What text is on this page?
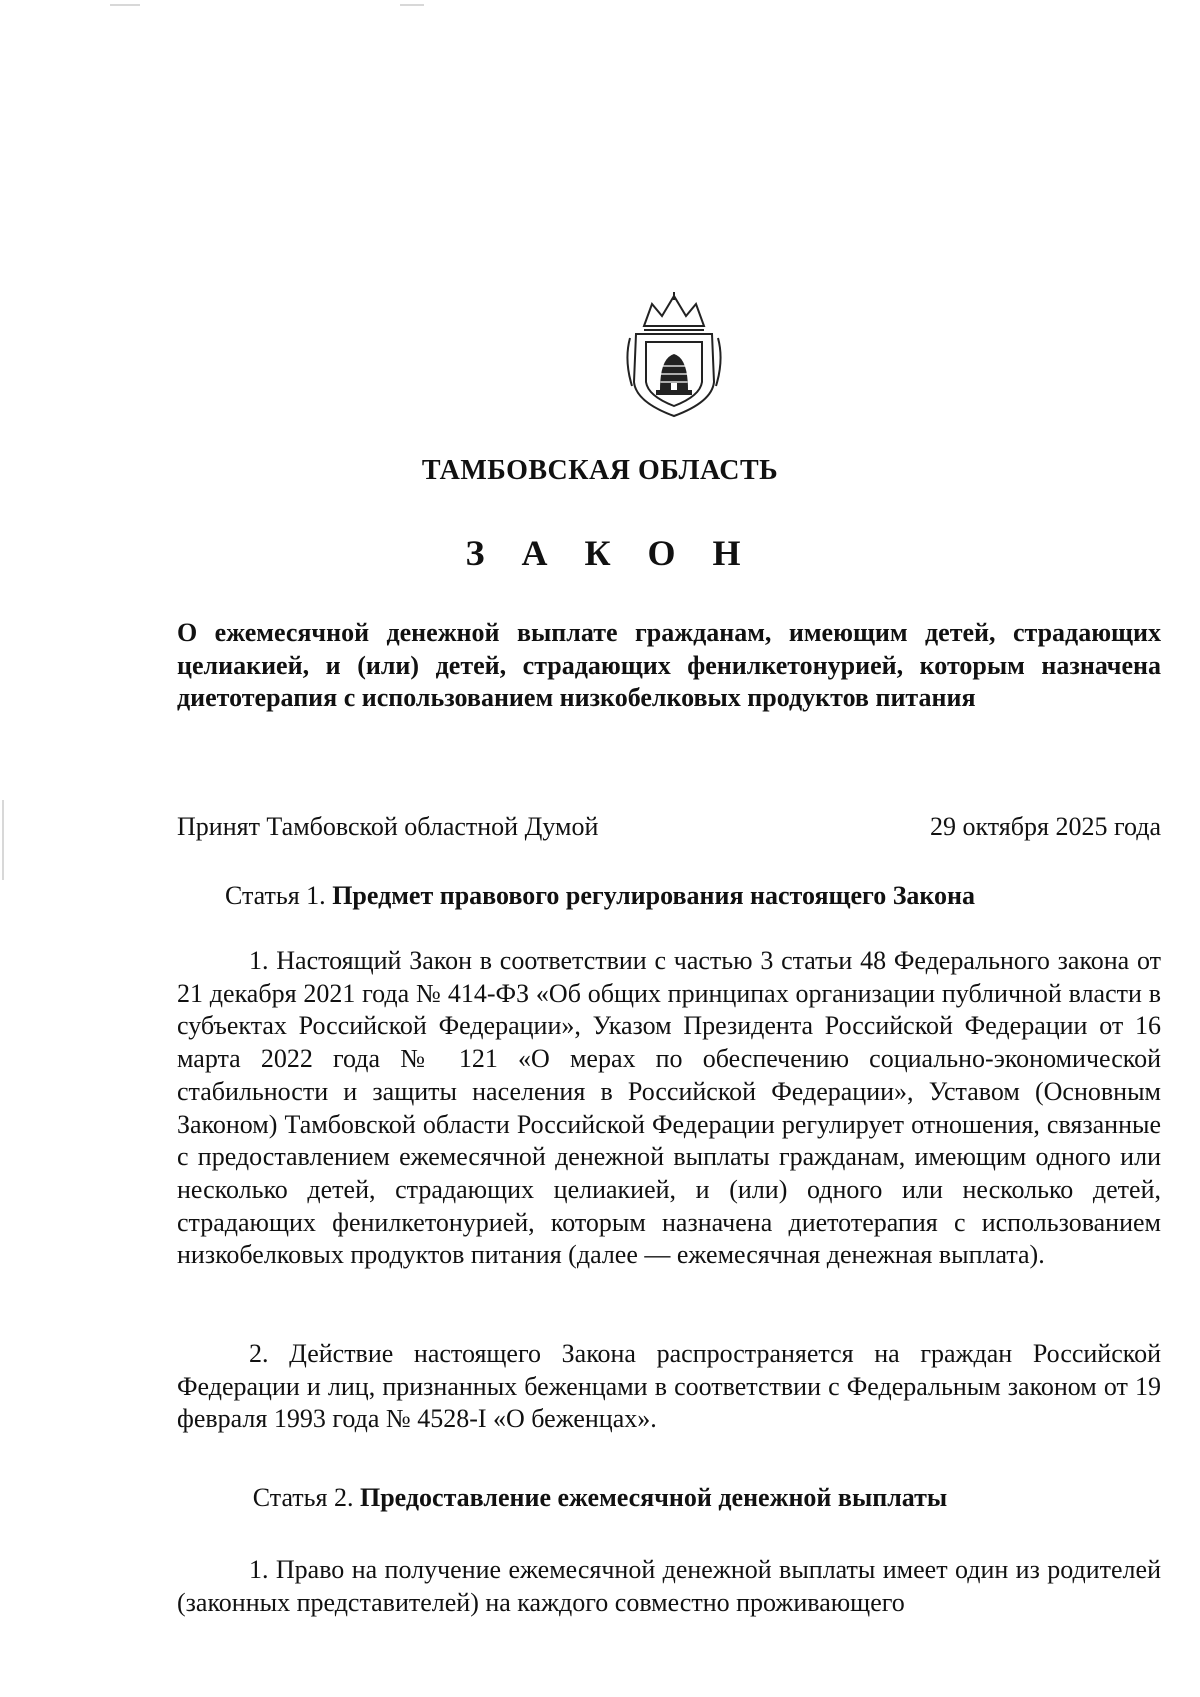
ТАМБОВСКАЯ ОБЛАСТЬ
З А К О Н
О ежемесячной денежной выплате гражданам, имеющим детей, страдающих целиакией, и (или) детей, страдающих фенилкетонурией, которым назначена диетотерапия с использованием низкобелковых продуктов питания
Принят Тамбовской областной Думой	29 октября 2025 года
Статья 1. Предмет правового регулирования настоящего Закона

1. Настоящий Закон в соответствии с частью 3 статьи 48 Федерального закона от 21 декабря 2021 года № 414-ФЗ «Об общих принципах организации публичной власти в субъектах Российской Федерации», Указом Президента Российской Федерации от 16 марта 2022 года № 121 «О мерах по обеспечению социально-экономической стабильности и защиты населения в Российской Федерации», Уставом (Основным Законом) Тамбовской области Российской Федерации регулирует отношения, связанные с предоставлением ежемесячной денежной выплаты гражданам, имеющим одного или несколько детей, страдающих целиакией, и (или) одного или несколько детей, страдающих фенилкетонурией, которым назначена диетотерапия с использованием низкобелковых продуктов питания (далее — ежемесячная денежная выплата).

2. Действие настоящего Закона распространяется на граждан Российской Федерации и лиц, признанных беженцами в соответствии с Федеральным законом от 19 февраля 1993 года № 4528-I «О беженцах».

Статья 2. Предоставление ежемесячной денежной выплаты

1. Право на получение ежемесячной денежной выплаты имеет один из родителей (законных представителей) на каждого совместно проживающего
